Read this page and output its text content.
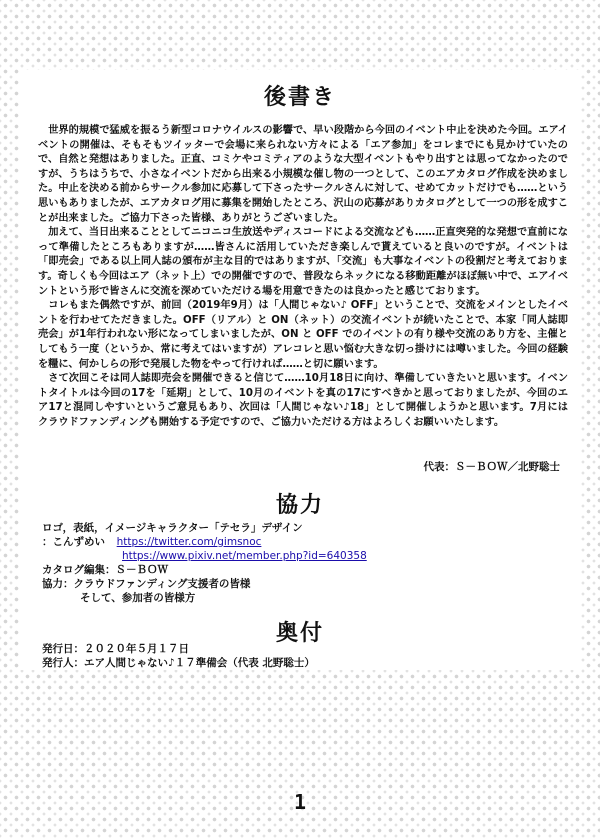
後書き

世界的規模で猛威を振るう新型コロナウイルスの影響で、早い段階から今回のイベント中止を決めた今回。エアイベントの開催は、そもそもツイッターで会場に来られない方々による「エア参加」をコレまでにも見かけていたので、自然と発想はありました。正直、コミケやコミティアのような大型イベントもやり出すとは思ってなかったのですが、うちはうちで、小さなイベントだから出来る小規模な催し物の一つとして、このエアカタログ作成を決めました。中止を決める前からサークル参加に応募して下さったサークルさんに対して、せめてカットだけでも……という思いもありましたが、エアカタログ用に募集を開始したところ、沢山の応募がありカタログとして一つの形を成すことが出来ました。ご協力下さった皆様、ありがとうございました。

加えて、当日出来ることとしてニコニコ生放送やディスコードによる交流なども……正直突発的な発想で直前になって準備したところもありますが……皆さんに活用していただき楽しんで貰えていると良いのですが。イベントは「即売会」である以上同人誌の頒布が主な目的ではありますが、「交流」も大事なイベントの役割だと考えております。奇しくも今回はエア（ネット上）での開催ですので、普段ならネックになる移動距離がほぼ無い中で、エアイベントという形で皆さんに交流を深めていただける場を用意できたのは良かったと感じております。

コレもまた偶然ですが、前回（2019年9月）は「人間じゃない♪ OFF」ということで、交流をメインとしたイベントを行わせてただきました。OFF（リアル）と ON（ネット）の交流イベントが続いたことで、本家「同人誌即売会」が1年行われない形になってしまいましたが、ON と OFF でのイベントの有り様や交流のあり方を、主催としてもう一度（というか、常に考えてはいますが）アレコレと思い悩む大きな切っ掛けには噂いました。今回の経験を糧に、何かしらの形で発展した物をやって行ければ……と切に願います。

さて次回こそは同人誌即売会を開催できると信じて……10月18日に向け、準備していきたいと思います。イベントタイトルは今回の17を「延期」として、10月のイベントを真の17にすべきかと思っておりましたが、今回のエア17と混同しやすいというご意見もあり、次回は「人間じゃない♪18」として開催しようかと思います。7月にはクラウドファンディングも開始する予定ですので、ご協力いただける方はよろしくお願いいたします。

代表：Ｓ－ＢＯＷ／北野聡士
協力
ロゴ，表紙，イメージキャラクター「テセラ」デザイン
：こんずめい https://twitter.com/gimsnoc
https://www.pixiv.net/member.php?id=640358
カタログ編集：Ｓ－ＢＯＷ
協力：クラウドファンディング支援者の皆様
そして、参加者の皆様方
奥付
発行日：２０２０年５月１７日
発行人：エア人間じゃない♪１７準備会（代表 北野聡士）
1
